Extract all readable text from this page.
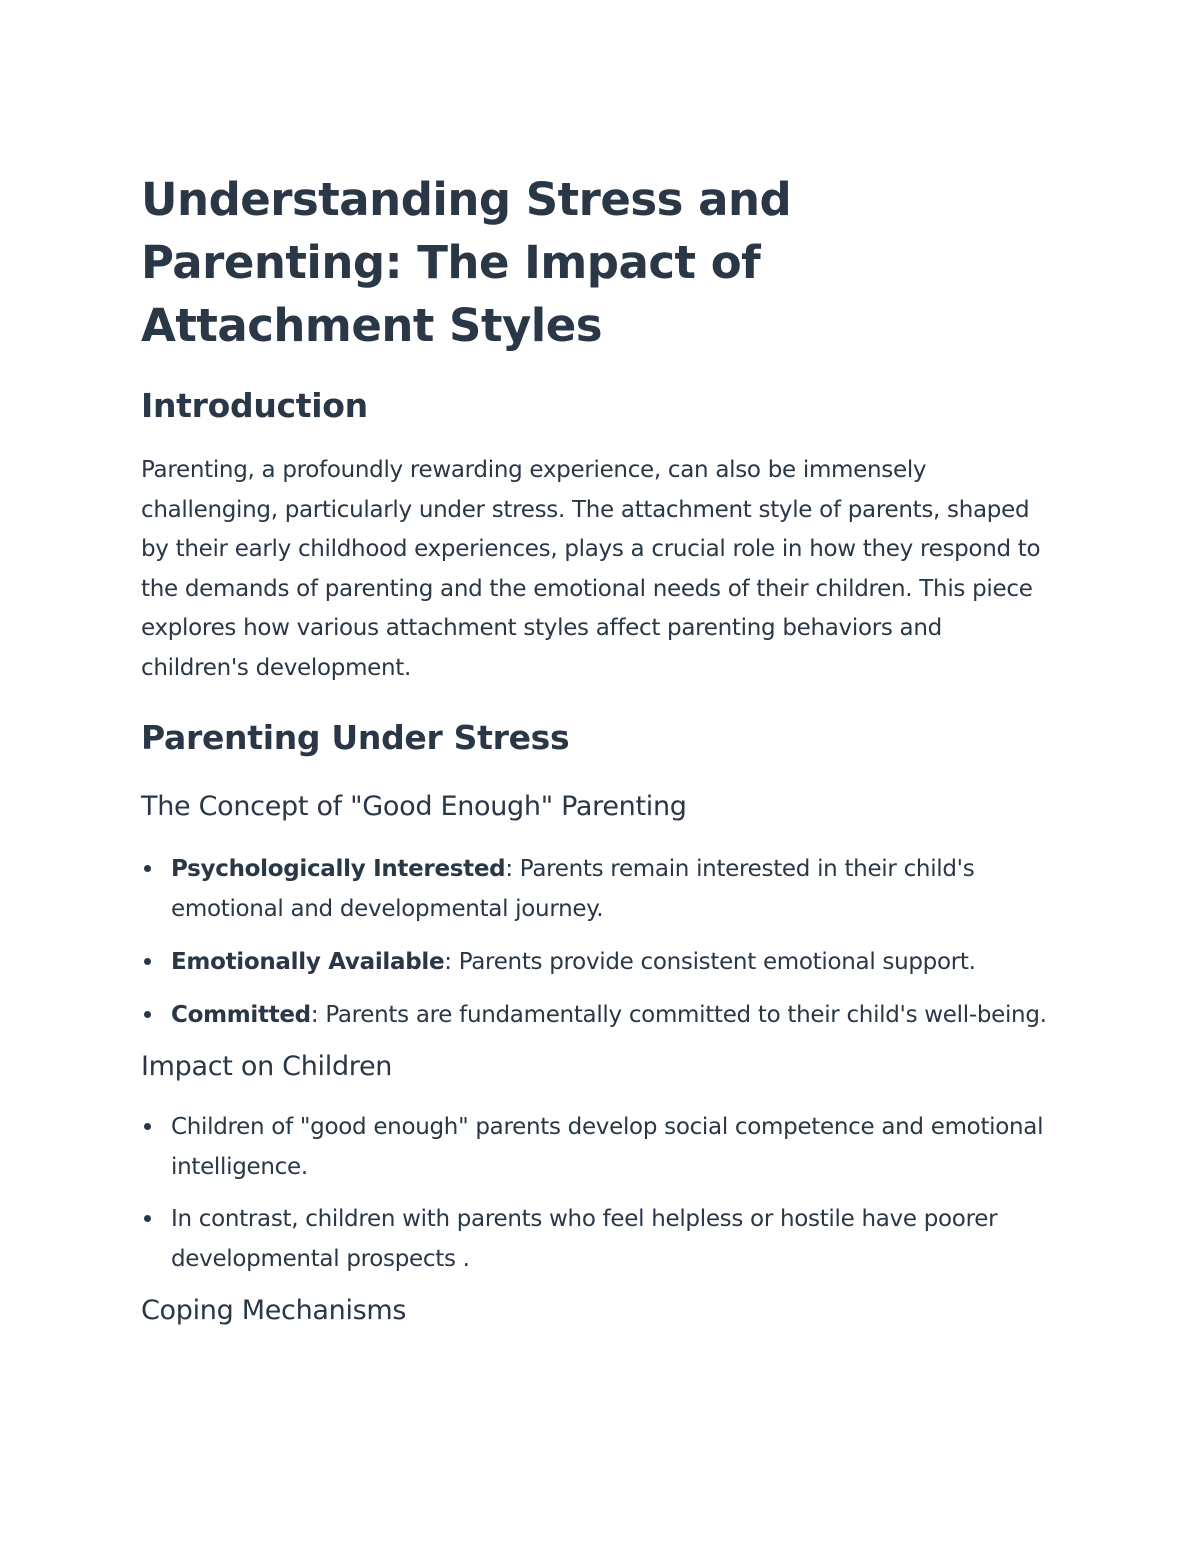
Understanding Stress and Parenting: The Impact of Attachment Styles
Introduction

Parenting, a profoundly rewarding experience, can also be immensely challenging, particularly under stress. The attachment style of parents, shaped by their early childhood experiences, plays a crucial role in how they respond to the demands of parenting and the emotional needs of their children. This piece explores how various attachment styles affect parenting behaviors and children's development.

Parenting Under Stress
The Concept of "Good Enough" Parenting
Psychologically Interested: Parents remain interested in their child's emotional and developmental journey.
Emotionally Available: Parents provide consistent emotional support.
Committed: Parents are fundamentally committed to their child's well-being.
Impact on Children
Children of "good enough" parents develop social competence and emotional intelligence.
In contrast, children with parents who feel helpless or hostile have poorer developmental prospects .
Coping Mechanisms
